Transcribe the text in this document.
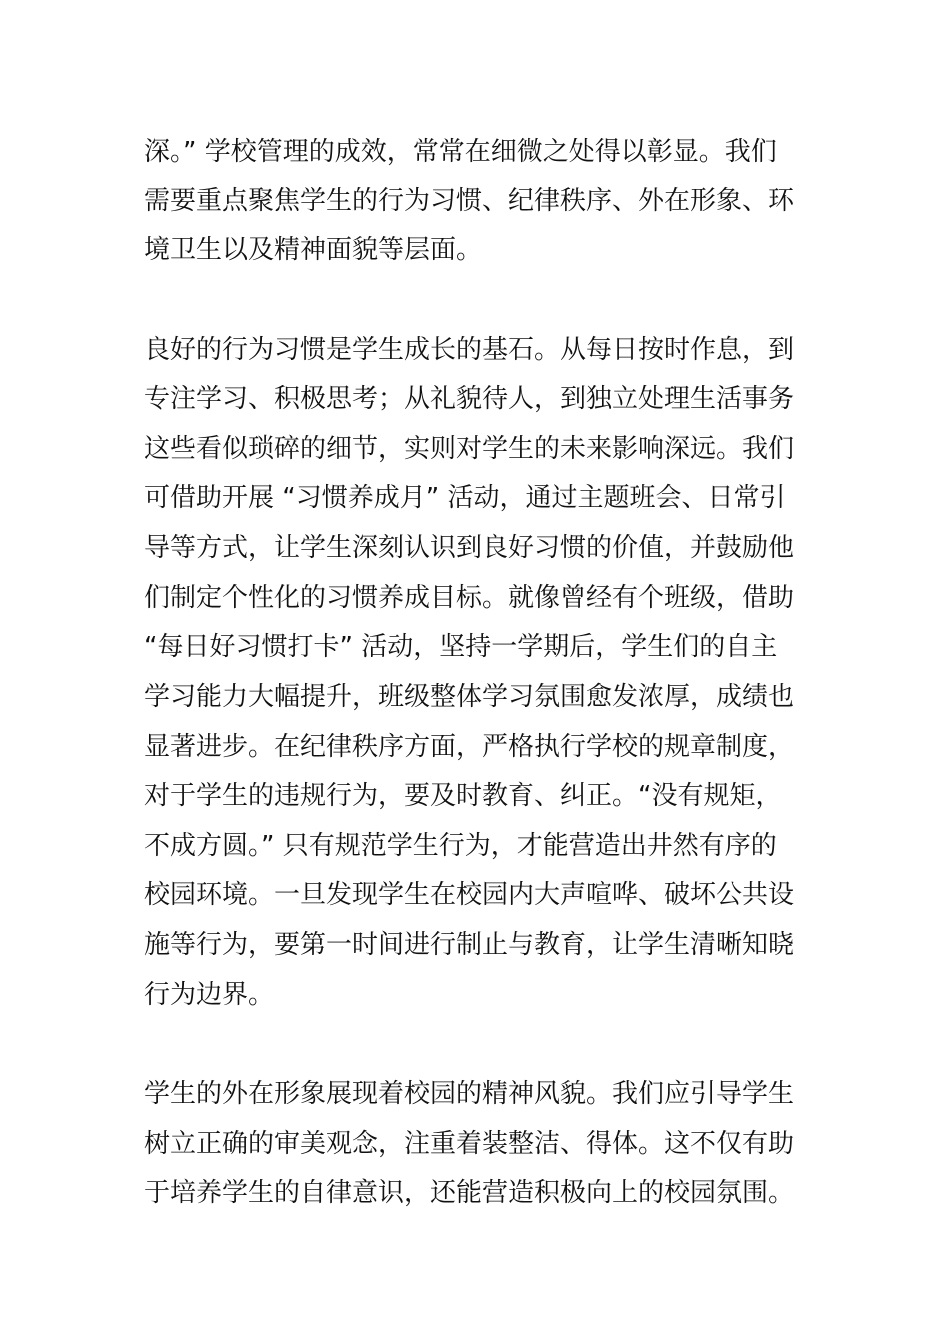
深。” 学校管理的成效，常常在细微之处得以彰显。我们
需要重点聚焦学生的行为习惯、纪律秩序、外在形象、环
境卫生以及精神面貌等层面。
良好的行为习惯是学生成长的基石。从每日按时作息，到
专注学习、积极思考；从礼貌待人，到独立处理生活事务
这些看似琐碎的细节，实则对学生的未来影响深远。我们
可借助开展 “习惯养成月” 活动，通过主题班会、日常引
导等方式，让学生深刻认识到良好习惯的价值，并鼓励他
们制定个性化的习惯养成目标。就像曾经有个班级，借助
“每日好习惯打卡” 活动，坚持一学期后，学生们的自主
学习能力大幅提升，班级整体学习氛围愈发浓厚，成绩也
显著进步。在纪律秩序方面，严格执行学校的规章制度，
对于学生的违规行为，要及时教育、纠正。“没有规矩，
不成方圆。” 只有规范学生行为，才能营造出井然有序的
校园环境。一旦发现学生在校园内大声喧哗、破坏公共设
施等行为，要第一时间进行制止与教育，让学生清晰知晓
行为边界。
学生的外在形象展现着校园的精神风貌。我们应引导学生
树立正确的审美观念，注重着装整洁、得体。这不仅有助
于培养学生的自律意识，还能营造积极向上的校园氛围。
